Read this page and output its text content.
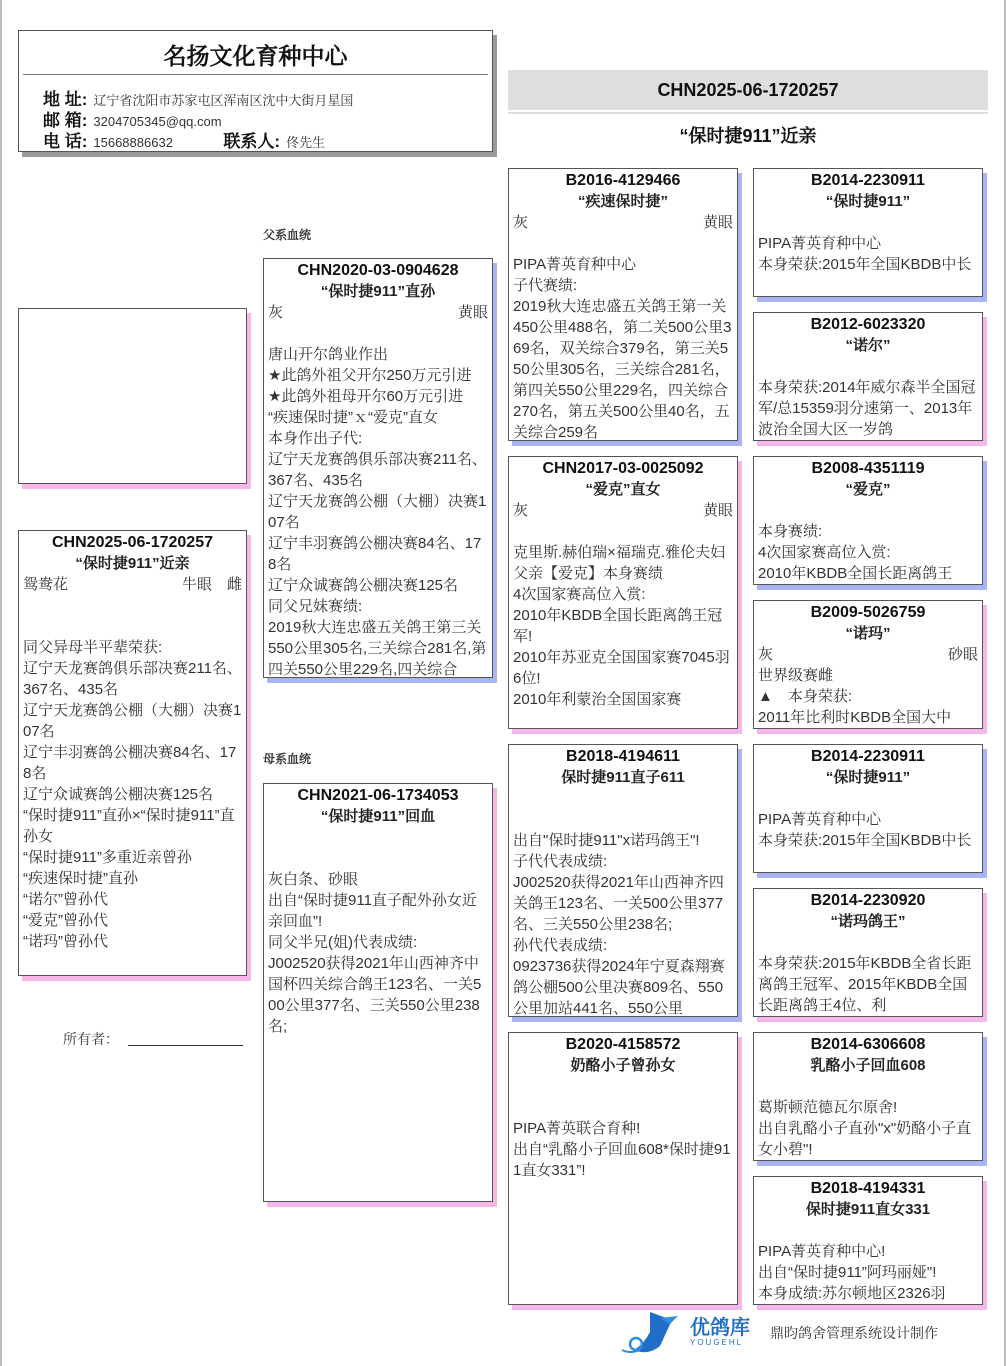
名扬文化育种中心
地 址: 辽宁省沈阳市苏家屯区浑南区沈中大街月星国
邮 箱: 3204705345@qq.com
电 话: 15668886632	联系人: 佟先生
CHN2025-06-1720257
“保时捷911”近亲
父系血统
母系血统
所有者：
CHN2025-06-1720257
“保时捷911”近亲
鸳鸯花	牛眼　雌
同父异母半平辈荣获:
辽宁天龙赛鸽俱乐部决赛211名、367名、435名
辽宁天龙赛鸽公棚（大棚）决赛107名
辽宁丰羽赛鸽公棚决赛84名、178名
辽宁众诚赛鸽公棚决赛125名
“保时捷911”直孙×“保时捷911”直孙女
“保时捷911”多重近亲曾孙
“疾速保时捷”直孙
“诺尔”曾孙代
“爱克”曾孙代
“诺玛”曾孙代
CHN2020-03-0904628
“保时捷911”直孙
灰	黄眼
唐山开尔鸽业作出
★此鸽外祖父开尔250万元引进
★此鸽外祖母开尔60万元引进
“疾速保时捷”ｘ“爱克”直女
本身作出子代:
辽宁天龙赛鸽俱乐部决赛211名、367名、435名
辽宁天龙赛鸽公棚（大棚）决赛107名
辽宁丰羽赛鸽公棚决赛84名、178名
辽宁众诚赛鸽公棚决赛125名
同父兄妹赛绩:
2019秋大连忠盛五关鸽王第三关550公里305名,三关综合281名,第四关550公里229名,四关综合
CHN2021-06-1734053
“保时捷911”回血
灰白条、砂眼
出自“保时捷911直子配外孙女近亲回血”!
同父半兄(姐)代表成绩:
J002520获得2021年山西神齐中国杯四关综合鸽王123名、一关500公里377名、三关550公里238名;
B2016-4129466
“疾速保时捷”
灰	黄眼
PIPA菁英育种中心
子代赛绩:
2019秋大连忠盛五关鸽王第一关450公里488名，第二关500公里369名，双关综合379名，第三关550公里305名，三关综合281名，第四关550公里229名，四关综合270名，第五关500公里40名，五关综合259名
CHN2017-03-0025092
“爱克”直女
灰	黄眼
克里斯.赫伯瑞×福瑞克.雅伦夫妇
父亲【爱克】本身赛绩
4次国家赛高位入赏:
2010年KBDB全国长距离鸽王冠军!
2010年苏亚克全国国家赛7045羽6位!
2010年利蒙治全国国家赛
B2018-4194611
保时捷911直子611
出自"保时捷911"x诺玛鸽王"!
子代代表成绩:
J002520获得2021年山西神齐四关鸽王123名、一关500公里377名、三关550公里238名;
孙代代表成绩:
0923736获得2024年宁夏森翔赛鸽公棚500公里决赛809名、550公里加站441名、550公里
B2020-4158572
奶酪小子曾孙女
PIPA菁英联合育种!
出自“乳酪小子回血608*保时捷911直女331”!
B2014-2230911
“保时捷911”
PIPA菁英育种中心
本身荣获:2015年全国KBDB中长
B2012-6023320
“诺尔”
本身荣获:2014年威尔森半全国冠军/总15359羽分速第一、2013年波治全国大区一岁鸽
B2008-4351119
“爱克”
本身赛绩:
4次国家赛高位入赏:
2010年KBDB全国长距离鸽王
B2009-5026759
“诺玛”
灰	砂眼
世界级赛雌
▲　本身荣获:
2011年比利时KBDB全国大中
B2014-2230911
“保时捷911”
PIPA菁英育种中心
本身荣获:2015年全国KBDB中长
B2014-2230920
“诺玛鸽王”
本身荣获:2015年KBDB全省长距离鸽王冠军、2015年KBDB全国长距离鸽王4位、利
B2014-6306608
乳酪小子回血608
葛斯顿范德瓦尔原舍!
出自乳酪小子直孙"x"奶酪小子直女小碧"!
B2018-4194331
保时捷911直女331
PIPA菁英育种中心!
出自“保时捷911”阿玛丽娅"!
本身成绩:苏尔顿地区2326羽
优鸽库
YOUGEHL
鼎昀鸽舍管理系统设计制作
